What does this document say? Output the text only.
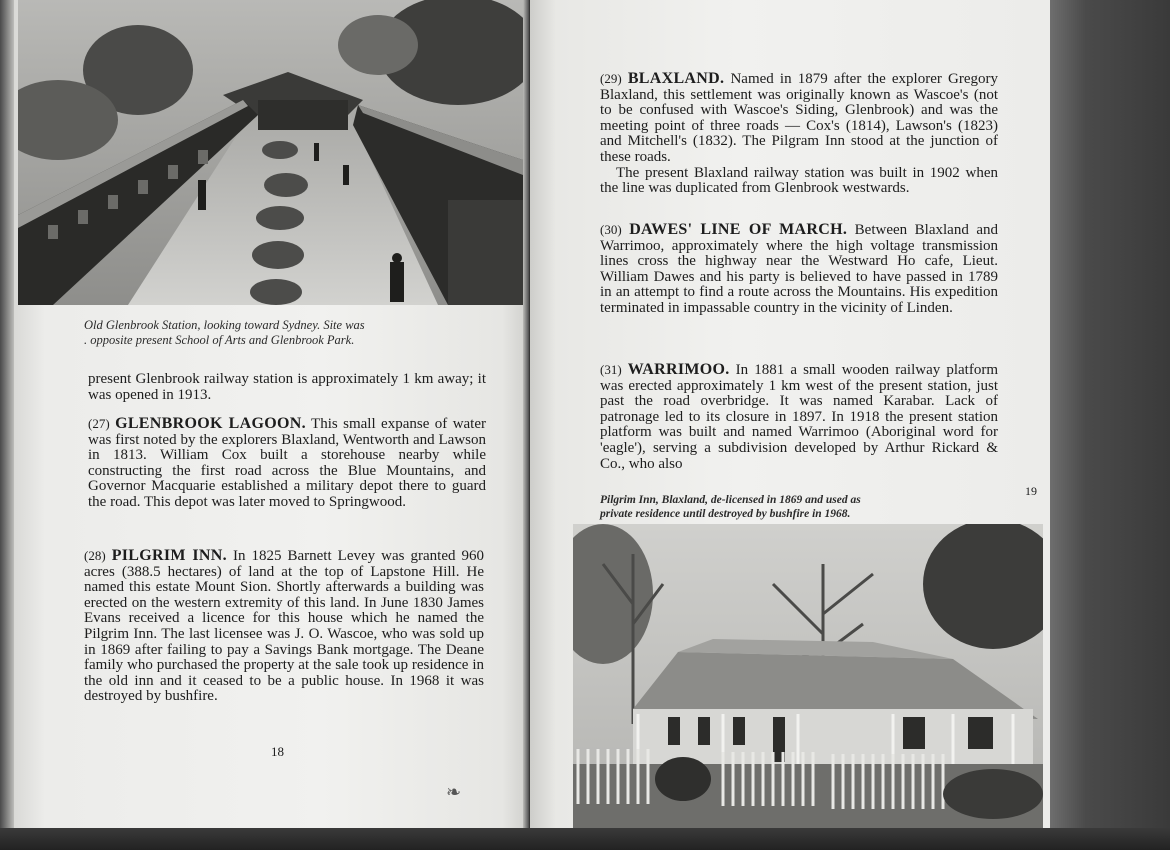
Old Glenbrook Station, looking toward Sydney. Site was
. opposite present School of Arts and Glenbrook Park.

present Glenbrook railway station is approximately 1 km away; it was opened in 1913.

(27) GLENBROOK LAGOON. This small expanse of water was first noted by the explorers Blaxland, Wentworth and Lawson in 1813. William Cox built a storehouse nearby while constructing the first road across the Blue Mountains, and Governor Macquarie established a military depot there to guard the road. This depot was later moved to Springwood.

(28) PILGRIM INN. In 1825 Barnett Levey was granted 960 acres (388.5 hectares) of land at the top of Lapstone Hill. He named this estate Mount Sion. Shortly afterwards a building was erected on the western extremity of this land. In June 1830 James Evans received a licence for this house which he named the Pilgrim Inn. The last licensee was J. O. Wascoe, who was sold up in 1869 after failing to pay a Savings Bank mortgage. The Deane family who purchased the property at the sale took up residence in the old inn and it ceased to be a public house. In 1968 it was destroyed by bushfire.

18
❧

(29) BLAXLAND. Named in 1879 after the explorer Gregory Blaxland, this settlement was originally known as Wascoe's (not to be confused with Wascoe's Siding, Glenbrook) and was the meeting point of three roads — Cox's (1814), Lawson's (1823) and Mitchell's (1832). The Pilgram Inn stood at the junction of these roads.

The present Blaxland railway station was built in 1902 when the line was duplicated from Glenbrook westwards.

(30) DAWES' LINE OF MARCH. Between Blaxland and Warrimoo, approximately where the high voltage transmission lines cross the highway near the Westward Ho cafe, Lieut. William Dawes and his party is believed to have passed in 1789 in an attempt to find a route across the Mountains. His expedition terminated in impassable country in the vicinity of Linden.

(31) WARRIMOO. In 1881 a small wooden railway platform was erected approximately 1 km west of the present station, just past the road overbridge. It was named Karabar. Lack of patronage led to its closure in 1897. In 1918 the present station platform was built and named Warrimoo (Aboriginal word for 'eagle'), serving a subdivision developed by Arthur Rickard & Co., who also

Pilgrim Inn, Blaxland, de-licensed in 1869 and used as
private residence until destroyed by bushfire in 1968.
19
